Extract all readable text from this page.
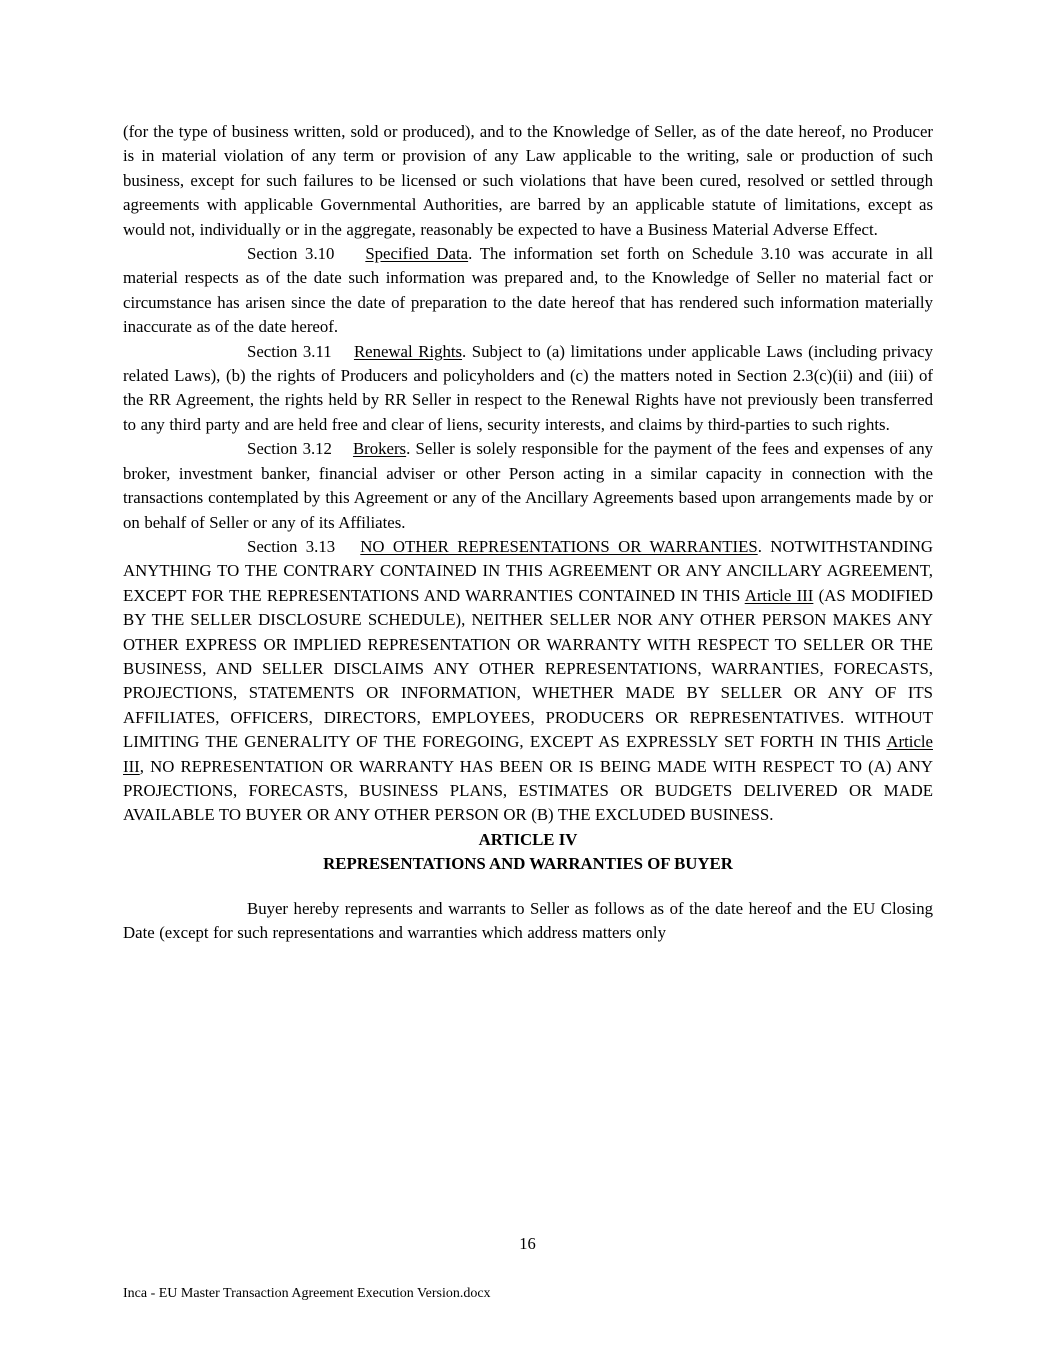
(for the type of business written, sold or produced), and to the Knowledge of Seller, as of the date hereof, no Producer is in material violation of any term or provision of any Law applicable to the writing, sale or production of such business, except for such failures to be licensed or such violations that have been cured, resolved or settled through agreements with applicable Governmental Authorities, are barred by an applicable statute of limitations, except as would not, individually or in the aggregate, reasonably be expected to have a Business Material Adverse Effect.

Section 3.10    Specified Data. The information set forth on Schedule 3.10 was accurate in all material respects as of the date such information was prepared and, to the Knowledge of Seller no material fact or circumstance has arisen since the date of preparation to the date hereof that has rendered such information materially inaccurate as of the date hereof.

Section 3.11    Renewal Rights. Subject to (a) limitations under applicable Laws (including privacy related Laws), (b) the rights of Producers and policyholders and (c) the matters noted in Section 2.3(c)(ii) and (iii) of the RR Agreement, the rights held by RR Seller in respect to the Renewal Rights have not previously been transferred to any third party and are held free and clear of liens, security interests, and claims by third-parties to such rights.

Section 3.12    Brokers. Seller is solely responsible for the payment of the fees and expenses of any broker, investment banker, financial adviser or other Person acting in a similar capacity in connection with the transactions contemplated by this Agreement or any of the Ancillary Agreements based upon arrangements made by or on behalf of Seller or any of its Affiliates.

Section 3.13   NO OTHER REPRESENTATIONS OR WARRANTIES. NOTWITHSTANDING ANYTHING TO THE CONTRARY CONTAINED IN THIS AGREEMENT OR ANY ANCILLARY AGREEMENT, EXCEPT FOR THE REPRESENTATIONS AND WARRANTIES CONTAINED IN THIS Article III (AS MODIFIED BY THE SELLER DISCLOSURE SCHEDULE), NEITHER SELLER NOR ANY OTHER PERSON MAKES ANY OTHER EXPRESS OR IMPLIED REPRESENTATION OR WARRANTY WITH RESPECT TO SELLER OR THE BUSINESS, AND SELLER DISCLAIMS ANY OTHER REPRESENTATIONS, WARRANTIES, FORECASTS, PROJECTIONS, STATEMENTS OR INFORMATION, WHETHER MADE BY SELLER OR ANY OF ITS AFFILIATES, OFFICERS, DIRECTORS, EMPLOYEES, PRODUCERS OR REPRESENTATIVES. WITHOUT LIMITING THE GENERALITY OF THE FOREGOING, EXCEPT AS EXPRESSLY SET FORTH IN THIS Article III, NO REPRESENTATION OR WARRANTY HAS BEEN OR IS BEING MADE WITH RESPECT TO (A) ANY PROJECTIONS, FORECASTS, BUSINESS PLANS, ESTIMATES OR BUDGETS DELIVERED OR MADE AVAILABLE TO BUYER OR ANY OTHER PERSON OR (B) THE EXCLUDED BUSINESS.

ARTICLE IV
REPRESENTATIONS AND WARRANTIES OF BUYER

Buyer hereby represents and warrants to Seller as follows as of the date hereof and the EU Closing Date (except for such representations and warranties which address matters only

16
Inca - EU Master Transaction Agreement Execution Version.docx
